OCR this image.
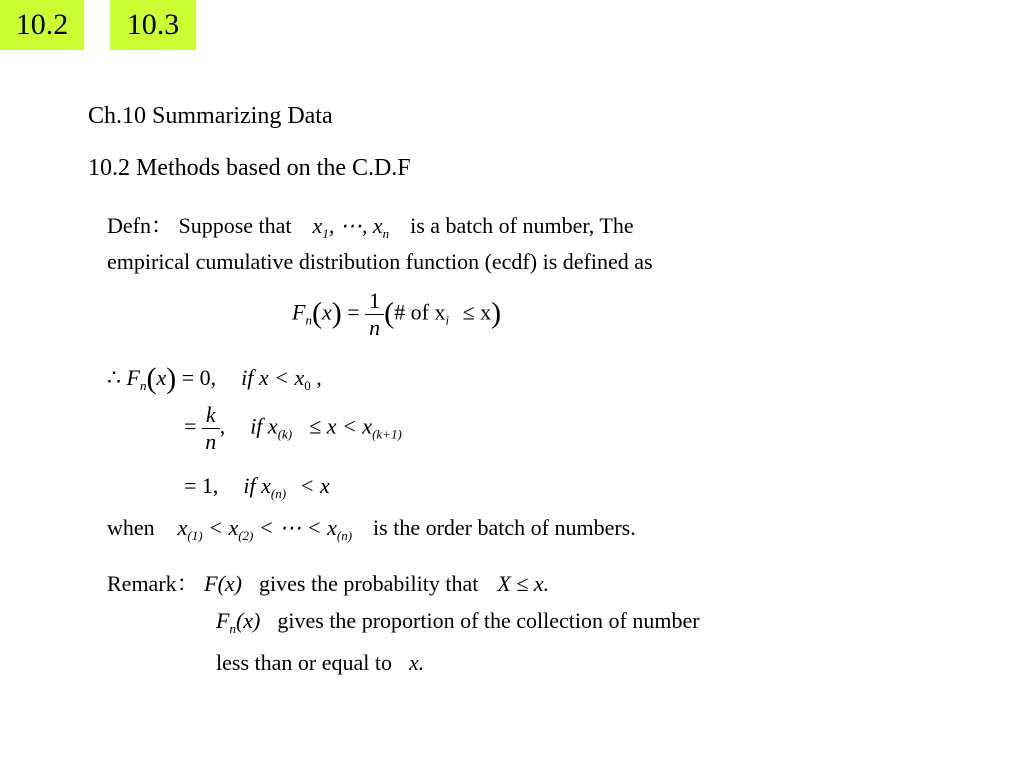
10.2	10.3
Ch.10 Summarizing Data
10.2 Methods based on the C.D.F
Defn： Suppose that $x_1$, ⋯, $x_n$ is a batch of number, The
empirical cumulative distribution function (ecdf) is defined as
$F_n(x) = \frac{1}{n}$ (# of $x_i \le x$)
∴ $F_n(x) = 0$, if $x < x_0$ ,
= $\frac{k}{n}$ ,  if $x_{(k)} \le x < x_{(k+1)}$
= 1, if $x_{(n)} < x$
when $x_{(1)} < x_{(2)}$ < ⋯ < $x_{(n)}$ is the order batch of numbers.
Remark： F(x) gives the probability that X ≤ x.
$F_n(x)$ gives the proportion of the collection of number
less than or equal to x.
